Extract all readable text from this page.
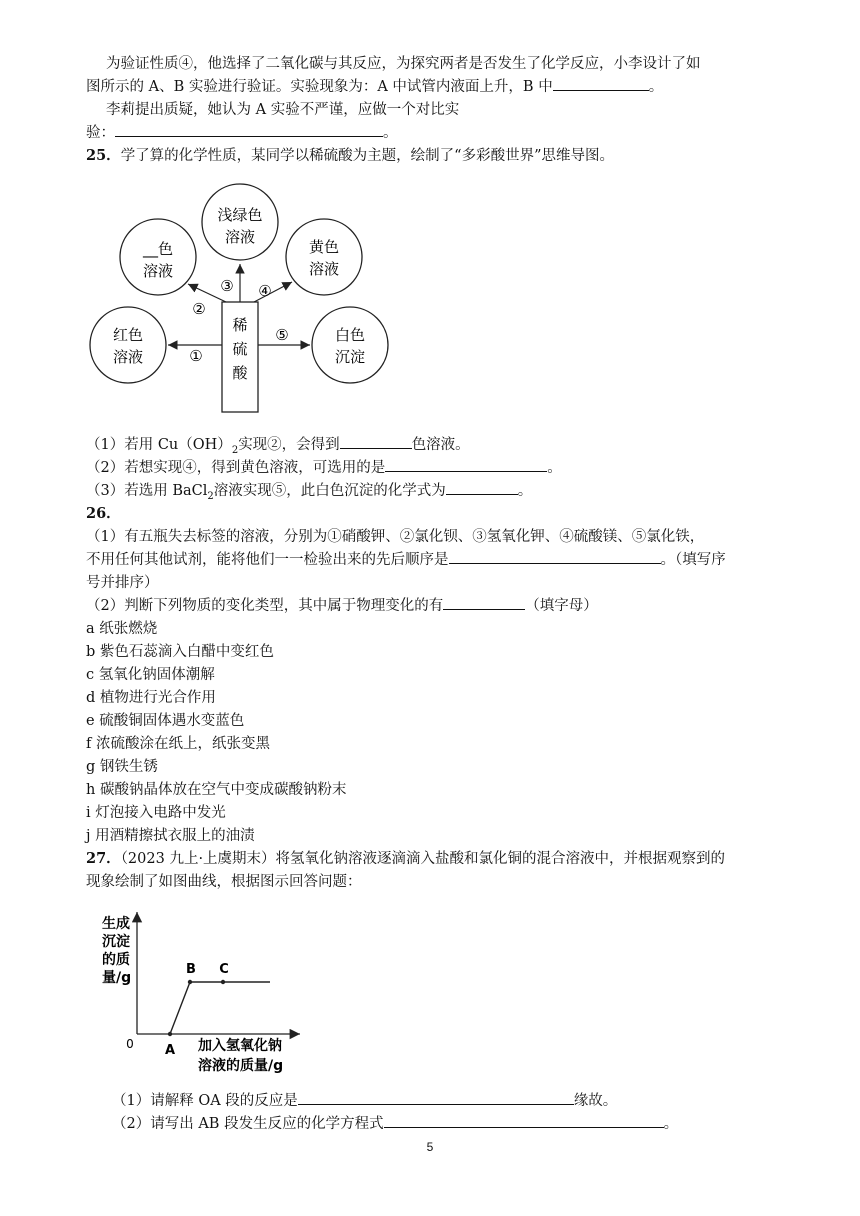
为验证性质④，他选择了二氧化碳与其反应，为探究两者是否发生了化学反应，小李设计了如
图所示的 A、B 实验进行验证。实验现象为：A 中试管内液面上升，B 中	。
李莉提出质疑，她认为 A 实验不严谨，应做一个对比实
验：	。
25．学了算的化学性质，某同学以稀硫酸为主题，绘制了“多彩酸世界”思维导图。
稀
硫
酸
红色
溶液
__色
溶液
浅绿色
溶液
黄色
溶液
白色
沉淀
①
②
③ ④
⑤
（1）若用 $Cu(OH)_2$实现②，会得到	色溶液。
（2）若想实现④，得到黄色溶液，可选用的是	。
（3）若选用 BaCl$_2$溶液实现⑤，此白色沉淀的化学式为	。
26．
（1）有五瓶失去标签的溶液，分别为①硝酸钾、②氯化钡、③氢氧化钾、④硫酸镁、⑤氯化铁，
不用任何其他试剂，能将他们一一检验出来的先后顺序是	。（填写序
号并排序）
（2）判断下列物质的变化类型，其中属于物理变化的有	（填字母）
a 纸张燃烧
b 紫色石蕊滴入白醋中变红色
c 氢氧化钠固体潮解
d 植物进行光合作用
e 硫酸铜固体遇水变蓝色
f 浓硫酸涂在纸上，纸张变黑
g 钢铁生锈
h 碳酸钠晶体放在空气中变成碳酸钠粉末
i 灯泡接入电路中发光
j 用酒精擦拭衣服上的油渍
27．（2023 九上·上虞期末）将氢氧化钠溶液逐滴滴入盐酸和氯化铜的混合溶液中，并根据观察到的
现象绘制了如图曲线，根据图示回答问题：
生成
沉淀
的质
量/g
0 A
B C
加入氢氧化钠
溶液的质量/g
（1）请解释 OA 段的反应是	缘故。
（2）请写出 AB 段发生反应的化学方程式	。
5
